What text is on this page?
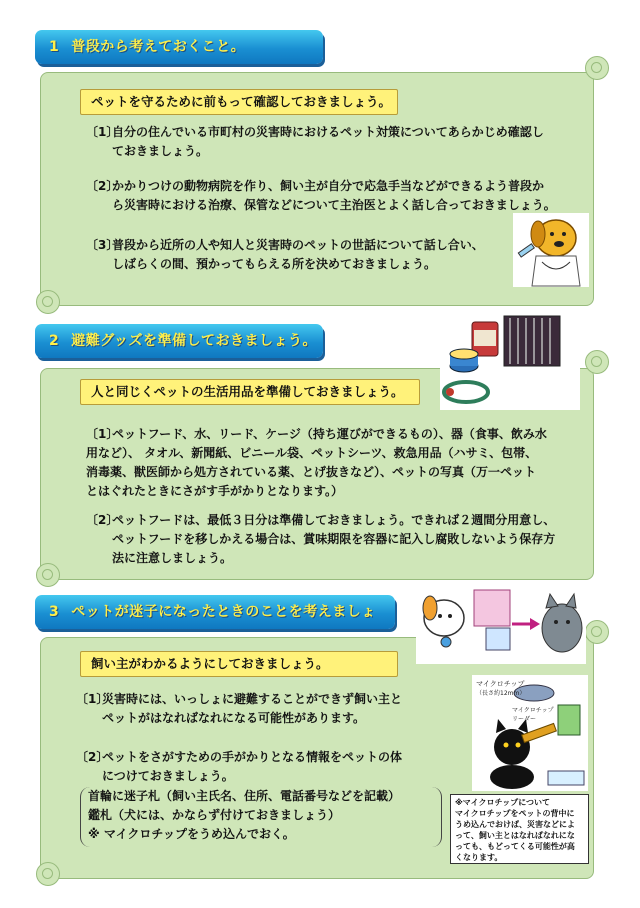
1 普段から考えておくこと。
ペットを守るために前もって確認しておきましょう。
〔1〕自分の住んでいる市町村の災害時におけるペット対策についてあらかじめ確認し
ておきましょう。
〔2〕かかりつけの動物病院を作り、飼い主が自分で応急手当などができるよう普段か
ら災害時における治療、保管などについて主治医とよく話し合っておきましょう。
〔3〕普段から近所の人や知人と災害時のペットの世話について話し合い、
しばらくの間、預かってもらえる所を決めておきましょう。
2 避難グッズを準備しておきましょう。
人と同じくペットの生活用品を準備しておきましょう。
〔1〕ペットフード、水、リード、ケージ（持ち運びができるもの）、器（食事、飲み水
用など）、 タオル、新聞紙、ビニール袋、ペットシーツ、救急用品（ハサミ、包帯、
消毒薬、獣医師から処方されている薬、とげ抜きなど）、ペットの写真（万一ペット
とはぐれたときにさがす手がかりとなります。）
〔2〕ペットフードは、最低３日分は準備しておきましょう。できれば２週間分用意し、
ペットフードを移しかえる場合は、賞味期限を容器に記入し腐敗しないよう保存方
法に注意しましょう。
3 ペットが迷子になったときのことを考えましょ
飼い主がわかるようにしておきましょう。
〔1〕災害時には、いっしょに避難することができず飼い主と
ペットがはなればなれになる可能性があります。
〔2〕ペットをさがすための手がかりとなる情報をペットの体
につけておきましょう。
首輪に迷子札（飼い主氏名、住所、電話番号などを記載）
鑑札（犬には、かならず付けておきましょう）
※ マイクロチップをうめ込んでおく。
マイクロチップ
（長さ約12mm）
マイクロチップ
リーダー
※マイクロチップについて
マイクロチップをペットの背中に
うめ込んでおけば、災害などによ
って、飼い主とはなればなれにな
っても、もどってくる可能性が高
くなります。
